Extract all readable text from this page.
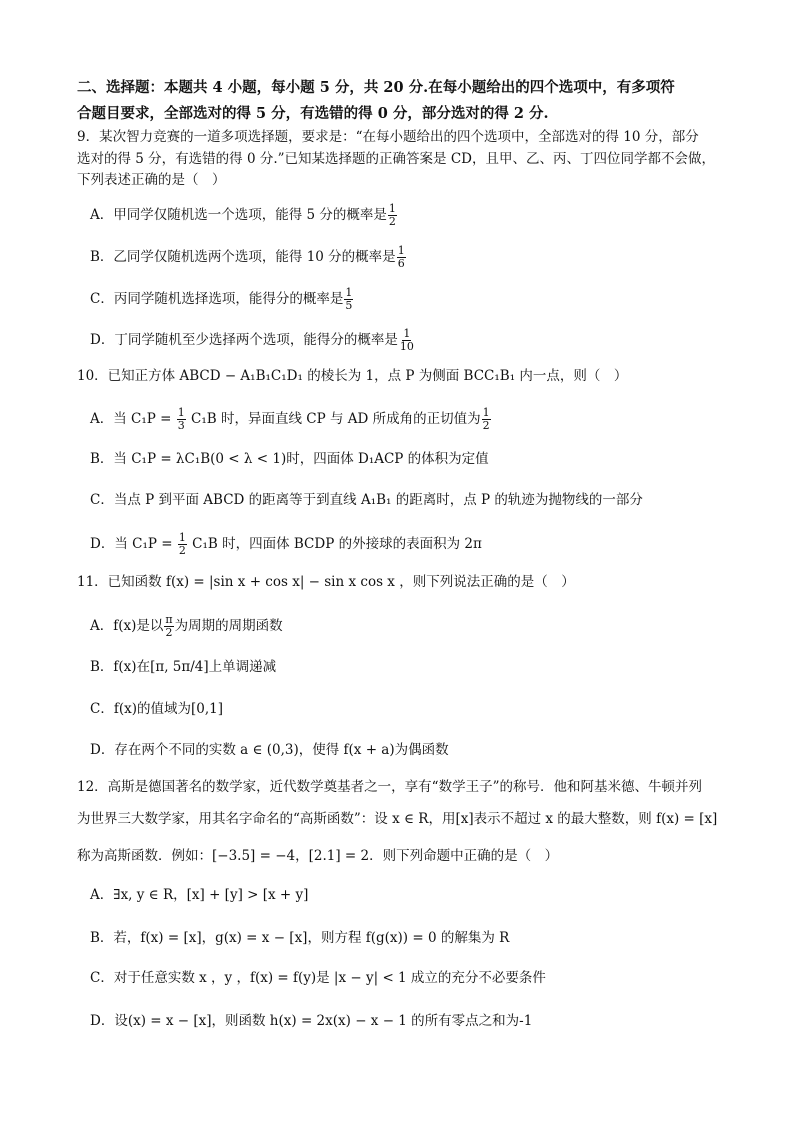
二、选择题：本题共 4 小题，每小题 5 分，共 20 分.在每小题给出的四个选项中，有多项符
合题目要求，全部选对的得 5 分，有选错的得 0 分，部分选对的得 2 分.
9．某次智力竞赛的一道多项选择题，要求是：“在每小题给出的四个选项中，全部选对的得 10 分，部分
选对的得 5 分，有选错的得 0 分.”已知某选择题的正确答案是 CD，且甲、乙、丙、丁四位同学都不会做，
下列表述正确的是（　）
A．甲同学仅随机选一个选项，能得 5 分的概率是 $\frac{1}{2}$
B．乙同学仅随机选两个选项，能得 10 分的概率是 $\frac{1}{6}$
C．丙同学随机选择选项，能得分的概率是 $\frac{1}{5}$
D．丁同学随机至少选择两个选项，能得分的概率是 $\frac{1}{10}$
10．已知正方体 ABCD − A₁B₁C₁D₁ 的棱长为 1，点 P 为侧面 BCC₁B₁ 内一点，则（　）
A．当 $C_1P = \frac{1}{3} C_1B$ 时，异面直线 CP 与 AD 所成角的正切值为 $\frac{1}{2}$
B．当 C₁P = λC₁B(0 < λ < 1)时，四面体 D₁ACP 的体积为定值
C．当点 P 到平面 ABCD 的距离等于到直线 A₁B₁ 的距离时，点 P 的轨迹为抛物线的一部分
D．当 $C_1P = \frac{1}{2} C_1B$ 时，四面体 BCDP 的外接球的表面积为 2π
11．已知函数 f(x) = |sin x + cos x| − sin x cos x ，则下列说法正确的是（　）
A．f(x)是以 $\frac{\pi}{2}$ 为周期的周期函数
B．f(x)在[π, 5π/4]上单调递减
C．f(x)的值域为[0,1]
D．存在两个不同的实数 a ∈ (0,3)，使得 f(x + a)为偶函数
12．高斯是德国著名的数学家，近代数学奠基者之一，享有“数学王子”的称号．他和阿基米德、牛顿并列
为世界三大数学家，用其名字命名的“高斯函数”：设 x ∈ R，用[x]表示不超过 x 的最大整数，则 f(x) = [x]
称为高斯函数．例如：[−3.5] = −4，[2.1] = 2．则下列命题中正确的是（　）
A．∃x, y ∈ R，[x] + [y] > [x + y]
B．若，f(x) = [x]，g(x) = x − [x]，则方程 f(g(x)) = 0 的解集为 R
C．对于任意实数 x ，y ，f(x) = f(y)是 |x − y| < 1 成立的充分不必要条件
D．设(x) = x − [x]，则函数 h(x) = 2x(x) − x − 1 的所有零点之和为-1
